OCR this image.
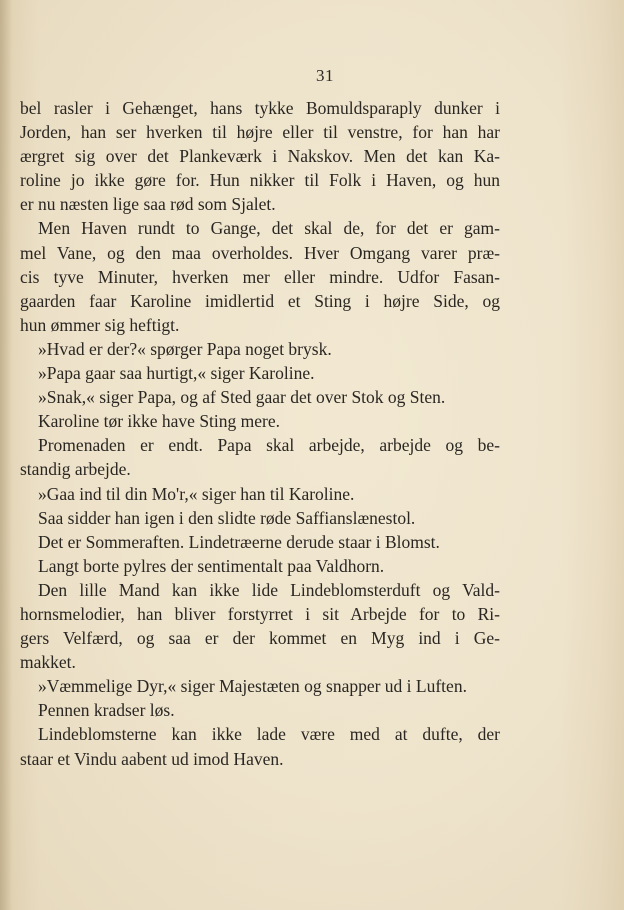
31
bel rasler i Gehænget, hans tykke Bomuldsparaply dunker i
Jorden, han ser hverken til højre eller til venstre, for han har
ærgret sig over det Plankeværk i Nakskov. Men det kan Ka-
roline jo ikke gøre for. Hun nikker til Folk i Haven, og hun
er nu næsten lige saa rød som Sjalet.
Men Haven rundt to Gange, det skal de, for det er gam-
mel Vane, og den maa overholdes. Hver Omgang varer præ-
cis tyve Minuter, hverken mer eller mindre. Udfor Fasan-
gaarden faar Karoline imidlertid et Sting i højre Side, og
hun ømmer sig heftigt.
»Hvad er der?« spørger Papa noget brysk.
»Papa gaar saa hurtigt,« siger Karoline.
»Snak,« siger Papa, og af Sted gaar det over Stok og Sten.
Karoline tør ikke have Sting mere.
Promenaden er endt. Papa skal arbejde, arbejde og be-
standig arbejde.
»Gaa ind til din Mo'r,« siger han til Karoline.
Saa sidder han igen i den slidte røde Saffianslænestol.
Det er Sommeraften. Lindetræerne derude staar i Blomst.
Langt borte pylres der sentimentalt paa Valdhorn.
Den lille Mand kan ikke lide Lindeblomsterduft og Vald-
hornsmelodier, han bliver forstyrret i sit Arbejde for to Ri-
gers Velfærd, og saa er der kommet en Myg ind i Ge-
makket.
»Væmmelige Dyr,« siger Majestæten og snapper ud i Luften.
Pennen kradser løs.
Lindeblomsterne kan ikke lade være med at dufte, der
staar et Vindu aabent ud imod Haven.
